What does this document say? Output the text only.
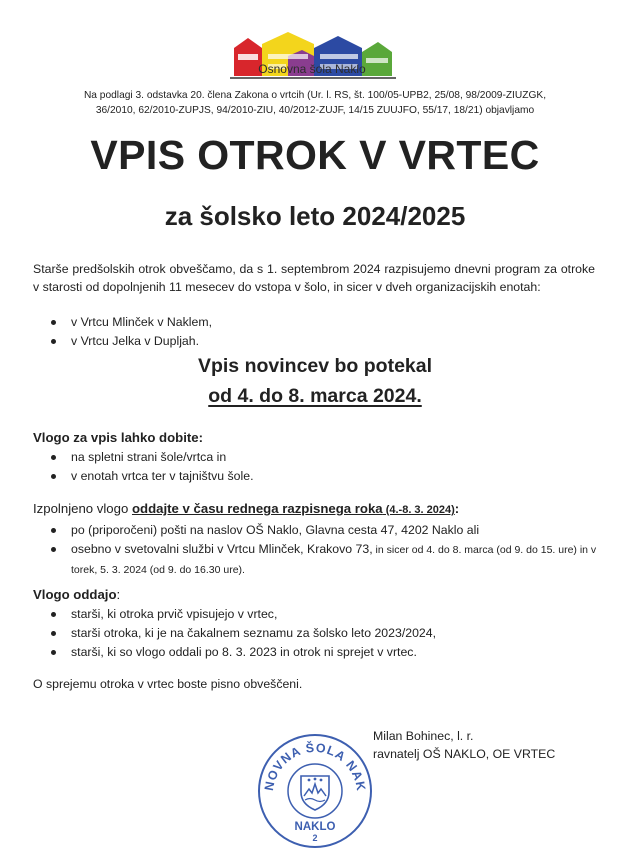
Osnovna šola Naklo
Na podlagi 3. odstavka 20. člena Zakona o vrtcih (Ur. l. RS, št. 100/05-UPB2, 25/08, 98/2009-ZIUZGK,
36/2010, 62/2010-ZUPJS, 94/2010-ZIU, 40/2012-ZUJF, 14/15 ZUUJFO, 55/17, 18/21) objavljamo
VPIS OTROK V VRTEC
za šolsko leto 2024/2025
Starše predšolskih otrok obveščamo, da s 1. septembrom 2024 razpisujemo dnevni program za otroke v starosti od dopolnjenih 11 mesecev do vstopa v šolo, in sicer v dveh organizacijskih enotah:
v Vrtcu Mlinček v Naklem,
v Vrtcu Jelka v Dupljah.
Vpis novincev bo potekal
od 4. do 8. marca 2024.
Vlogo za vpis lahko dobite:
na spletni strani šole/vrtca in
v enotah vrtca ter v tajništvu šole.
Izpolnjeno vlogo oddajte v času rednega razpisnega roka (4.-8. 3. 2024):
po (priporočeni) pošti na naslov OŠ Naklo, Glavna cesta 47, 4202 Naklo ali
osebno v svetovalni službi v Vrtcu Mlinček, Krakovo 73, in sicer od 4. do 8. marca (od 9. do 15. ure) in v torek, 5. 3. 2024 (od 9. do 16.30 ure).
Vlogo oddajo:
starši, ki otroka prvič vpisujejo v vrtec,
starši otroka, ki je na čakalnem seznamu za šolsko leto 2023/2024,
starši, ki so vlogo oddali po 8. 3. 2023 in otrok ni sprejet v vrtec.
O sprejemu otroka v vrtec boste pisno obveščeni.
Milan Bohinec, l. r.
ravnatelj OŠ NAKLO, OE VRTEC
NOVNA ŠOLA NAK
NAKLO
2
